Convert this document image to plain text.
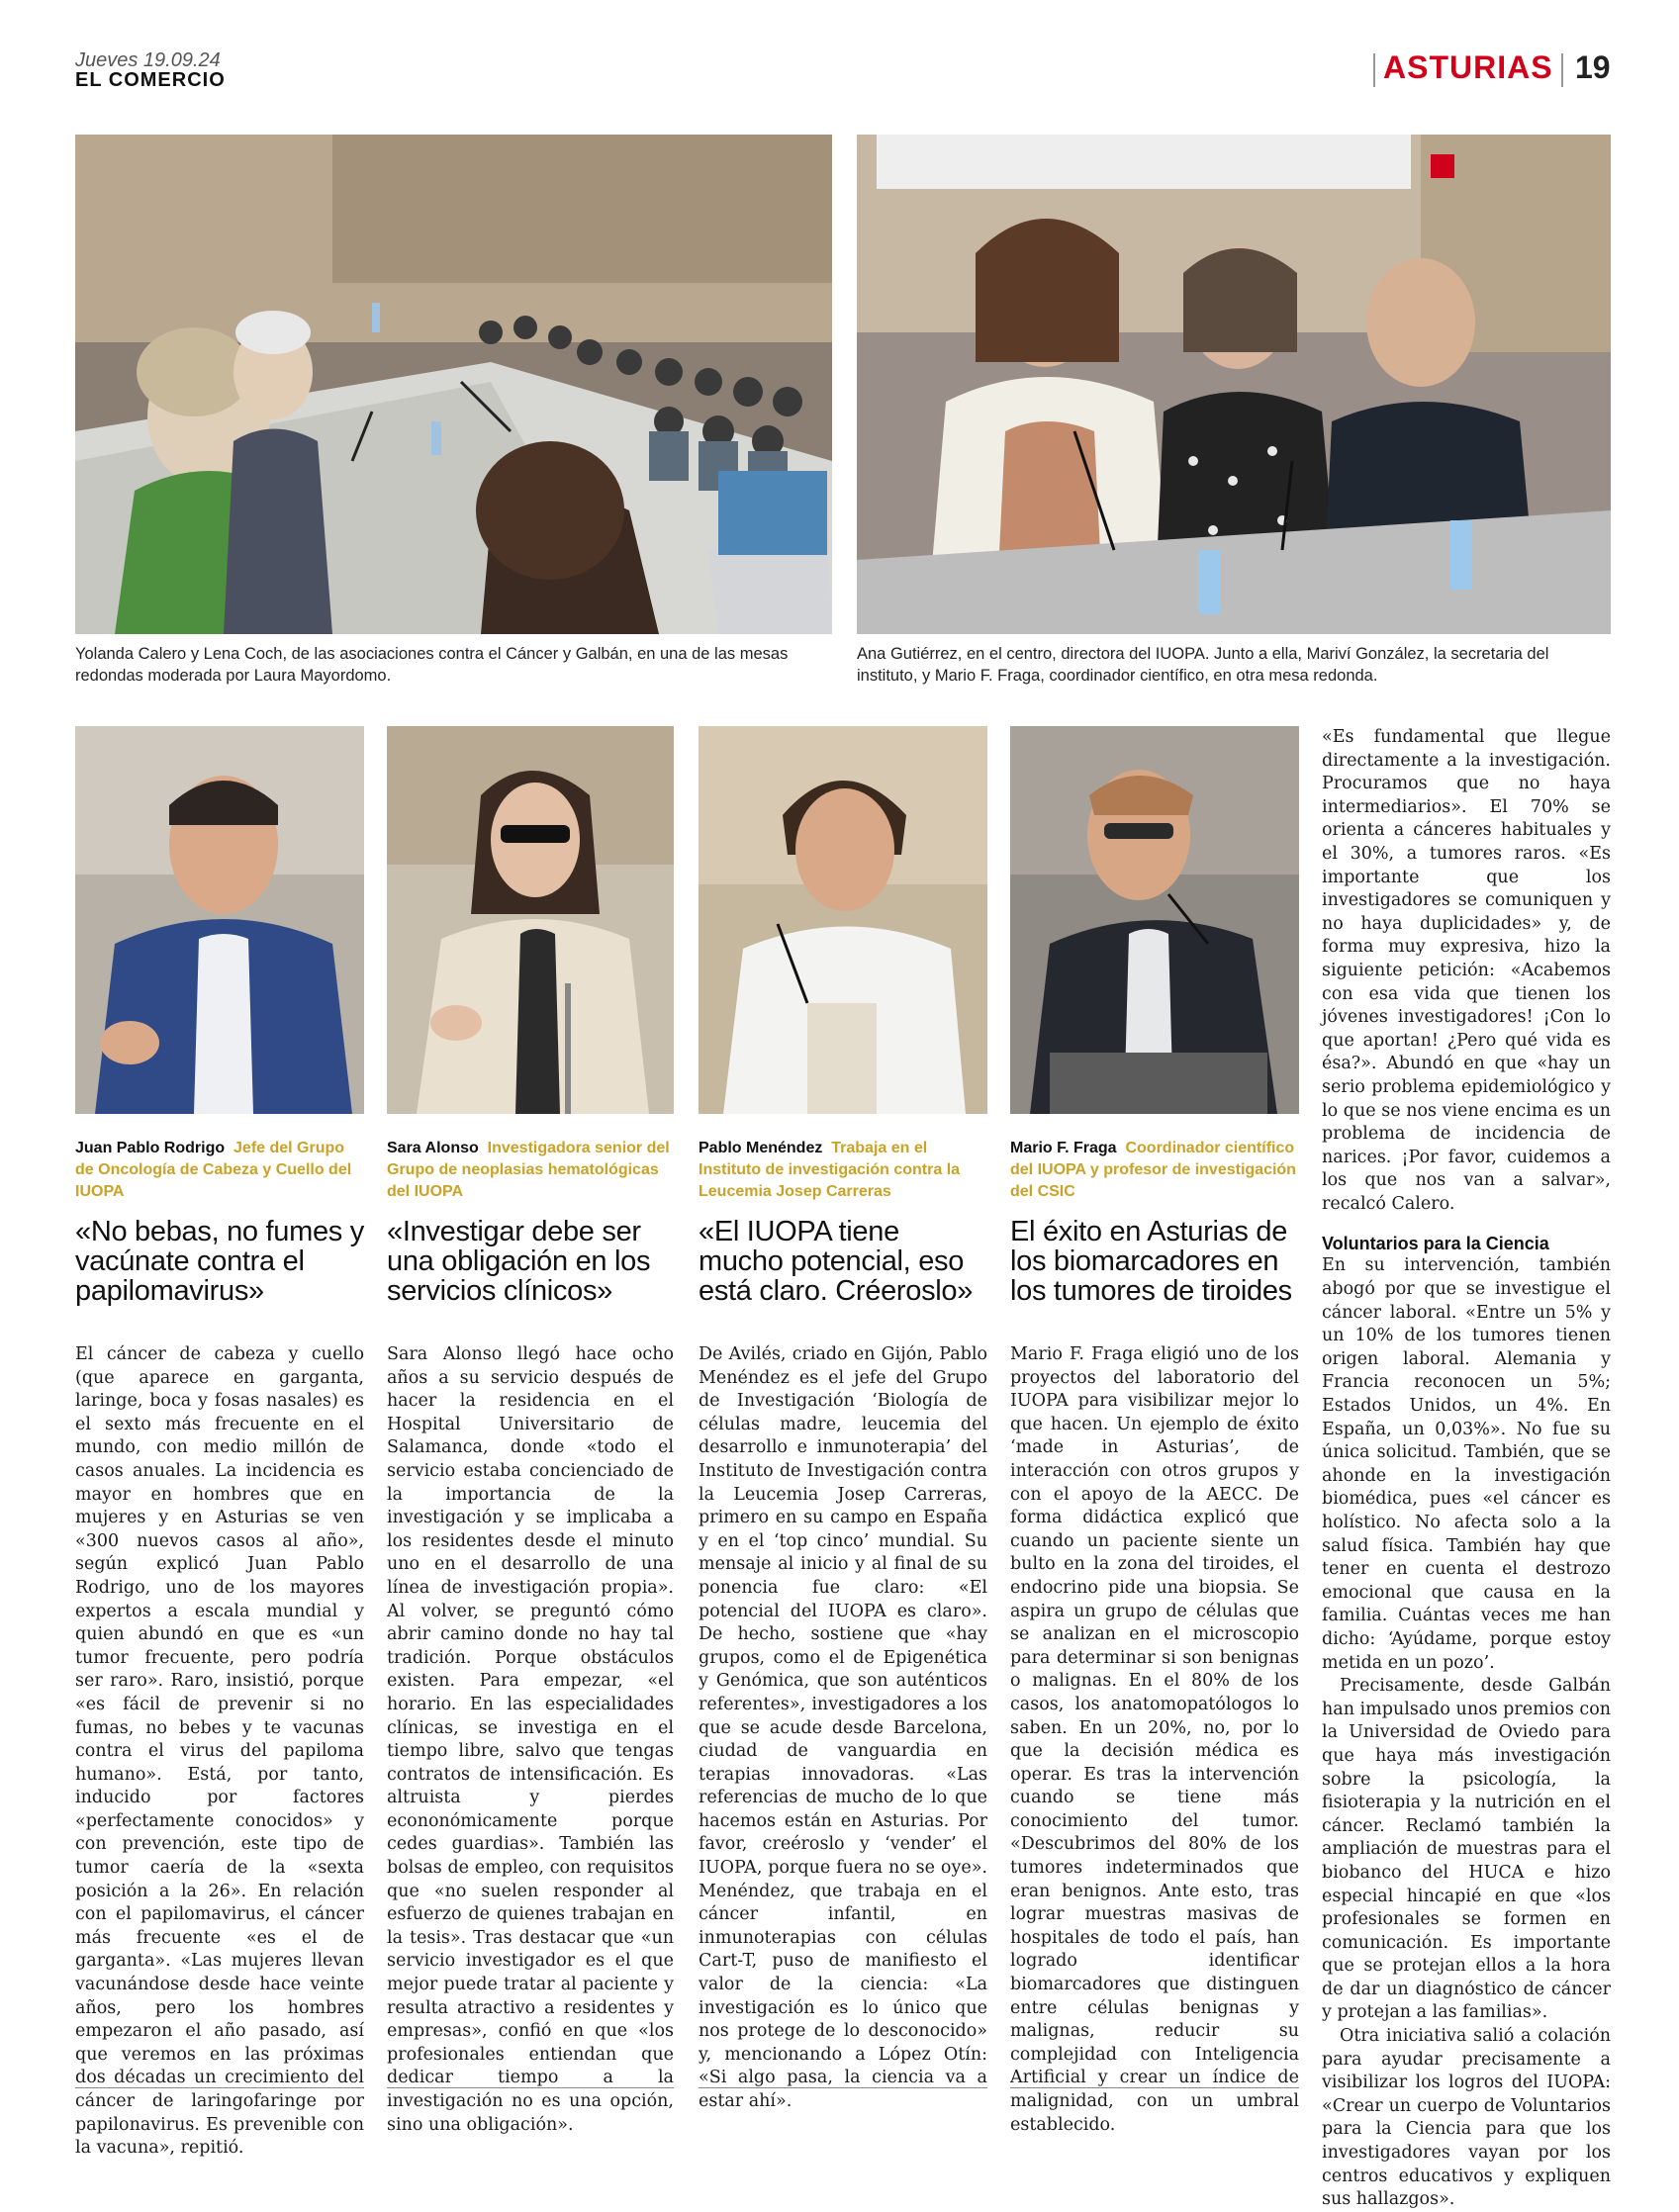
Jueves 19.09.24
EL COMERCIO	ASTURIAS 19
Yolanda Calero y Lena Coch, de las asociaciones contra el Cáncer y Galbán, en una de las mesas redondas moderada por Laura Mayordomo.
Ana Gutiérrez, en el centro, directora del IUOPA. Junto a ella, Mariví González, la secretaria del instituto, y Mario F. Fraga, coordinador científico, en otra mesa redonda.
Juan Pablo Rodrigo Jefe del Grupo de Oncología de Cabeza y Cuello del IUOPA
«No bebas, no fumes y vacúnate contra el papilomavirus»

El cáncer de cabeza y cuello (que aparece en garganta, laringe, boca y fosas nasales) es el sexto más frecuente en el mundo, con medio millón de casos anuales. La incidencia es mayor en hombres que en mujeres y en Asturias se ven «300 nuevos casos al año», según explicó Juan Pablo Rodrigo, uno de los mayores expertos a escala mundial y quien abundó en que es «un tumor frecuente, pero podría ser raro». Raro, insistió, porque «es fácil de prevenir si no fumas, no bebes y te vacunas contra el virus del papiloma humano». Está, por tanto, inducido por factores «perfectamente conocidos» y con prevención, este tipo de tumor caería de la «sexta posición a la 26». En relación con el papilomavirus, el cáncer más frecuente «es el de garganta». «Las mujeres llevan vacunándose desde hace veinte años, pero los hombres empezaron el año pasado, así que veremos en las próximas dos décadas un crecimiento del cáncer de laringofaringe por papilonavirus. Es prevenible con la vacuna», repitió.

Sara Alonso Investigadora senior del Grupo de neoplasias hematológicas del IUOPA
«Investigar debe ser una obligación en los servicios clínicos»

Sara Alonso llegó hace ocho años a su servicio después de hacer la residencia en el Hospital Universitario de Salamanca, donde «todo el servicio estaba concienciado de la importancia de la investigación y se implicaba a los residentes desde el minuto uno en el desarrollo de una línea de investigación propia». Al volver, se preguntó cómo abrir camino donde no hay tal tradición. Porque obstáculos existen. Para empezar, «el horario. En las especialidades clínicas, se investiga en el tiempo libre, salvo que tengas contratos de intensificación. Es altruista y pierdes econonómicamente porque cedes guardias». También las bolsas de empleo, con requisitos que «no suelen responder al esfuerzo de quienes trabajan en la tesis». Tras destacar que «un servicio investigador es el que mejor puede tratar al paciente y resulta atractivo a residentes y empresas», confió en que «los profesionales entiendan que dedicar tiempo a la investigación no es una opción, sino una obligación».

Pablo Menéndez Trabaja en el Instituto de investigación contra la Leucemia Josep Carreras
«El IUOPA tiene mucho potencial, eso está claro. Créeroslo»

De Avilés, criado en Gijón, Pablo Menéndez es el jefe del Grupo de Investigación ‘Biología de células madre, leucemia del desarrollo e inmunoterapia’ del Instituto de Investigación contra la Leucemia Josep Carreras, primero en su campo en España y en el ‘top cinco’ mundial. Su mensaje al inicio y al final de su ponencia fue claro: «El potencial del IUOPA es claro». De hecho, sostiene que «hay grupos, como el de Epigenética y Genómica, que son auténticos referentes», investigadores a los que se acude desde Barcelona, ciudad de vanguardia en terapias innovadoras. «Las referencias de mucho de lo que hacemos están en Asturias. Por favor, creéroslo y ‘vender’ el IUOPA, porque fuera no se oye». Menéndez, que trabaja en el cáncer infantil, en inmunoterapias con células Cart-T, puso de manifiesto el valor de la ciencia: «La investigación es lo único que nos protege de lo desconocido» y, mencionando a López Otín: «Si algo pasa, la ciencia va a estar ahí».

Mario F. Fraga Coordinador científico del IUOPA y profesor de investigación del CSIC
El éxito en Asturias de los biomarcadores en los tumores de tiroides

Mario F. Fraga eligió uno de los proyectos del laboratorio del IUOPA para visibilizar mejor lo que hacen. Un ejemplo de éxito ‘made in Asturias’, de interacción con otros grupos y con el apoyo de la AECC. De forma didáctica explicó que cuando un paciente siente un bulto en la zona del tiroides, el endocrino pide una biopsia. Se aspira un grupo de células que se analizan en el microscopio para determinar si son benignas o malignas. En el 80% de los casos, los anatomopatólogos lo saben. En un 20%, no, por lo que la decisión médica es operar. Es tras la intervención cuando se tiene más conocimiento del tumor. «Descubrimos del 80% de los tumores indeterminados que eran benignos. Ante esto, tras lograr muestras masivas de hospitales de todo el país, han logrado identificar biomarcadores que distinguen entre células benignas y malignas, reducir su complejidad con Inteligencia Artificial y crear un índice de malignidad, con un umbral establecido.

«Es fundamental que llegue directamente a la investigación. Procuramos que no haya intermediarios». El 70% se orienta a cánceres habituales y el 30%, a tumores raros. «Es importante que los investigadores se comuniquen y no haya duplicidades» y, de forma muy expresiva, hizo la siguiente petición: «Acabemos con esa vida que tienen los jóvenes investigadores! ¡Con lo que aportan! ¿Pero qué vida es ésa?». Abundó en que «hay un serio problema epidemiológico y lo que se nos viene encima es un problema de incidencia de narices. ¡Por favor, cuidemos a los que nos van a salvar», recalcó Calero.

Voluntarios para la Ciencia

En su intervención, también abogó por que se investigue el cáncer laboral. «Entre un 5% y un 10% de los tumores tienen origen laboral. Alemania y Francia reconocen un 5%; Estados Unidos, un 4%. En España, un 0,03%». No fue su única solicitud. También, que se ahonde en la investigación biomédica, pues «el cáncer es holístico. No afecta solo a la salud física. También hay que tener en cuenta el destrozo emocional que causa en la familia. Cuántas veces me han dicho: ‘Ayúdame, porque estoy metida en un pozo’.

Precisamente, desde Galbán han impulsado unos premios con la Universidad de Oviedo para que haya más investigación sobre la psicología, la fisioterapia y la nutrición en el cáncer. Reclamó también la ampliación de muestras para el biobanco del HUCA e hizo especial hincapié en que «los profesionales se formen en comunicación. Es importante que se protejan ellos a la hora de dar un diagnóstico de cáncer y protejan a las familias».

Otra iniciativa salió a colación para ayudar precisamente a visibilizar los logros del IUOPA: «Crear un cuerpo de Voluntarios para la Ciencia para que los investigadores vayan por los centros educativos y expliquen sus hallazgos».
